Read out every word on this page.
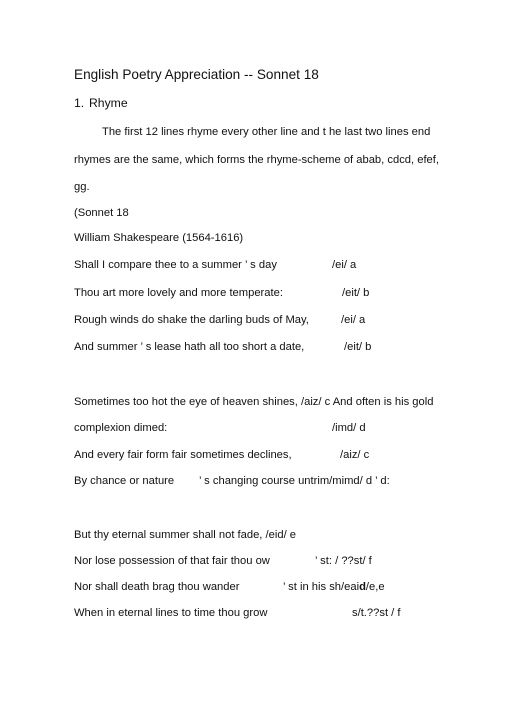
English Poetry Appreciation -- Sonnet 18
1. Rhyme
The first 12 lines rhyme every other line and t he last two lines end
rhymes are the same, which forms the rhyme-scheme of abab, cdcd, efef,
gg.
(Sonnet 18
William Shakespeare (1564-1616)
Shall I compare thee to a summer ’ s day	/ei/ a
Thou art more lovely and more temperate:	/eit/ b
Rough winds do shake the darling buds of May,	/ei/ a
And summer ’ s lease hath all too short a date,	/eit/ b
Sometimes too hot the eye of heaven shines, /aiz/ c And often is his gold
complexion dimed:	/imd/ d
And every fair form fair sometimes declines,	/aiz/ c
By chance or nature ’ s changing course untrim/mimd/ d ’ d:
But thy eternal summer shall not fade, /eid/ e
Nor lose possession of that fair thou ow	’ st: / ??st/ f
Nor shall death brag thou wander	’ st in his sh/eaid/e,e
When in eternal lines to time thou grow	s/t.??st / f
